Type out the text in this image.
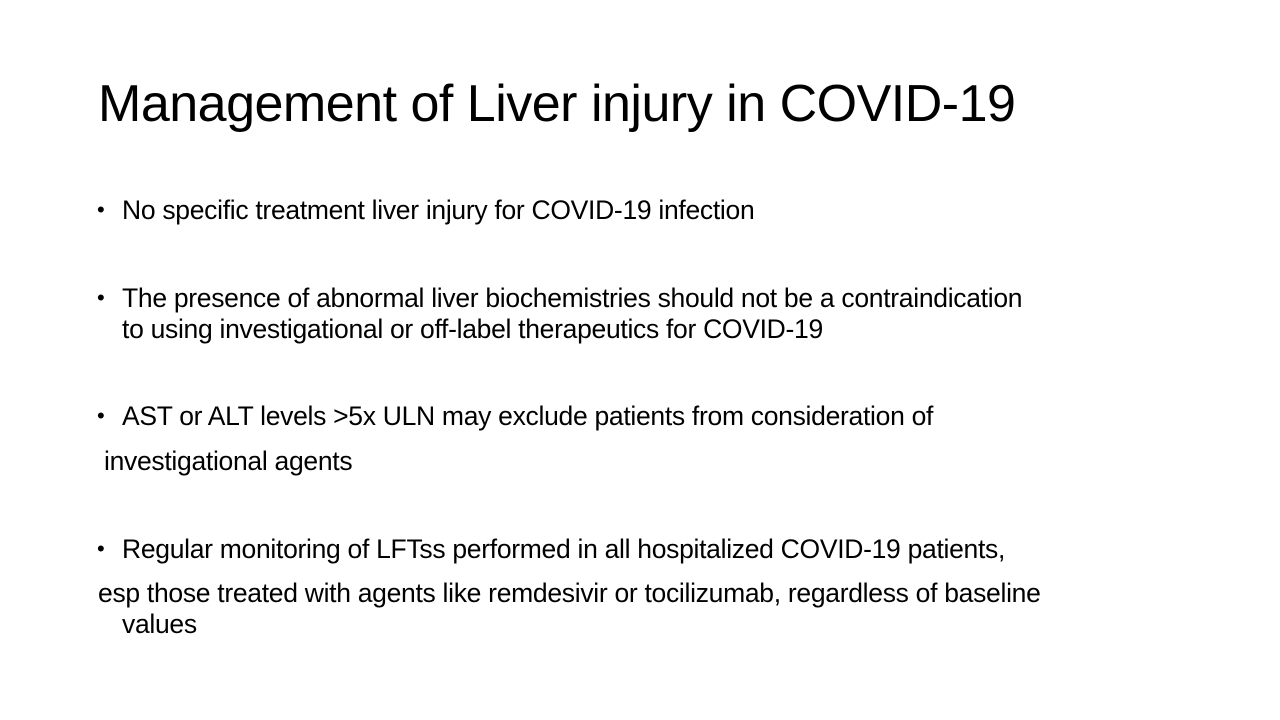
Management of Liver injury in COVID-19
• No specific treatment liver injury for COVID-19 infection
• The presence of abnormal liver biochemistries should not be a contraindication
to using investigational or off-label therapeutics for COVID-19
• AST or ALT levels >5x ULN may exclude patients from consideration of
investigational agents
• Regular monitoring of LFTss performed in all hospitalized COVID-19 patients,
esp those treated with agents like remdesivir or tocilizumab, regardless of baseline
values
